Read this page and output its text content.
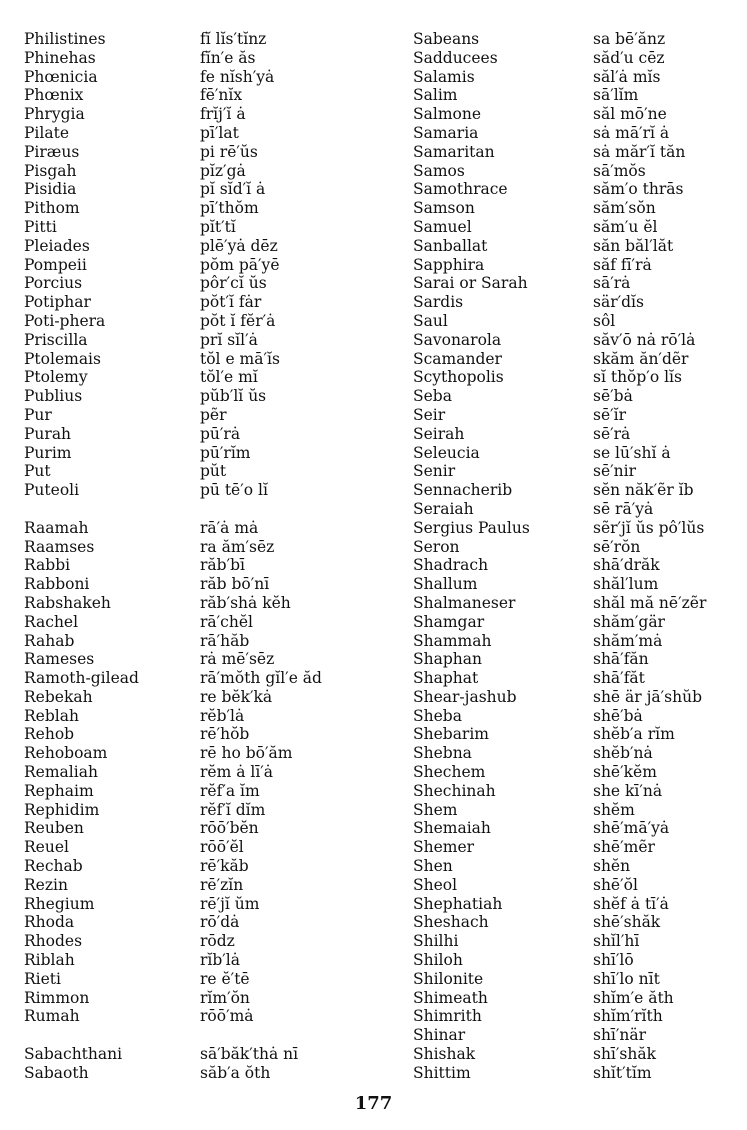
Philistines	fĭ lĭs′tĭnz
Phinehas	fĭn′e ăs
Phœnicia	fe nĭsh′yȧ
Phœnix	fē′nĭx
Phrygia	frĭj′ĭ ȧ
Pilate	pī′lat
Piræus	pi rē′ŭs
Pisgah	pĭz′gȧ
Pisidia	pĭ sĭd′ĭ ȧ
Pithom	pī′thŏm
Pitti	pĭt′tĭ
Pleiades	plē′yȧ dēz
Pompeii	pŏm pā′yē
Porcius	pôr′cĭ ŭs
Potiphar	pŏt′ĭ fȧr
Poti-phera	pŏt ĭ fĕr′ȧ
Priscilla	prĭ sĭl′ȧ
Ptolemais	tŏl e mā′ĭs
Ptolemy	tŏl′e mĭ
Publius	pŭb′lĭ ŭs
Pur	pẽr
Purah	pū′rȧ
Purim	pū′rĭm
Put	pŭt
Puteoli	pū tē′o lĭ
Raamah	rā′ȧ mȧ
Raamses	ra ăm′sēz
Rabbi	răb′bī
Rabboni	răb bō′nī
Rabshakeh	răb′shȧ kĕh
Rachel	rā′chĕl
Rahab	rā′hăb
Rameses	rȧ mē′sēz
Ramoth-gilead	rā′mŏth gĭl′e ăd
Rebekah	re bĕk′kȧ
Reblah	rĕb′lȧ
Rehob	rē′hŏb
Rehoboam	rē ho bō′ăm
Remaliah	rĕm ȧ lī′ȧ
Rephaim	rĕf′a ĭm
Rephidim	rĕf′ĭ dĭm
Reuben	rōō′bĕn
Reuel	rōō′ĕl
Rechab	rē′kăb
Rezin	rē′zĭn
Rhegium	rē′jĭ ŭm
Rhoda	rō′dȧ
Rhodes	rōdz
Riblah	rĭb′lȧ
Rieti	re ĕ′tē
Rimmon	rĭm′ŏn
Rumah	rōō′mȧ
Sabachthani	sā′băk′thȧ nī
Sabaoth	săb′a ŏth
Sabeans	sa bē′ănz
Sadducees	săd′u cēz
Salamis	săl′ȧ mĭs
Salim	sā′lĭm
Salmone	săl mō′ne
Samaria	sȧ mā′rĭ ȧ
Samaritan	sȧ măr′ĭ tăn
Samos	sā′mŏs
Samothrace	săm′o thrās
Samson	săm′sŏn
Samuel	săm′u ĕl
Sanballat	săn băl′lăt
Sapphira	săf fī′rȧ
Sarai or Sarah	sā′rȧ
Sardis	sär′dĭs
Saul	sôl
Savonarola	săv′ō nȧ rō′lȧ
Scamander	skăm ăn′dẽr
Scythopolis	sĭ thŏp′o lĭs
Seba	sē′bȧ
Seir	sē′ĭr
Seirah	sē′rȧ
Seleucia	se lū′shĭ ȧ
Senir	sē′nir
Sennacherib	sĕn năk′ẽr ĭb
Seraiah	sē rā′yȧ
Sergius Paulus	sẽr′jĭ ŭs pô′lŭs
Seron	sē′rŏn
Shadrach	shā′drăk
Shallum	shăl′lum
Shalmaneser	shăl mă nē′zẽr
Shamgar	shăm′gär
Shammah	shăm′mȧ
Shaphan	shā′făn
Shaphat	shā′făt
Shear-jashub	shē är jā′shŭb
Sheba	shē′bȧ
Shebarim	shĕb′a rĭm
Shebna	shĕb′nȧ
Shechem	shē′kĕm
Shechinah	she kī′nȧ
Shem	shĕm
Shemaiah	shē′mā′yȧ
Shemer	shē′mẽr
Shen	shĕn
Sheol	shē′ŏl
Shephatiah	shĕf ȧ tī′ȧ
Sheshach	shē′shăk
Shilhi	shĭl′hī
Shiloh	shī′lō
Shilonite	shī′lo nīt
Shimeath	shĭm′e ăth
Shimrith	shĭm′rĭth
Shinar	shī′när
Shishak	shī′shăk
Shittim	shĭt′tĭm
177
